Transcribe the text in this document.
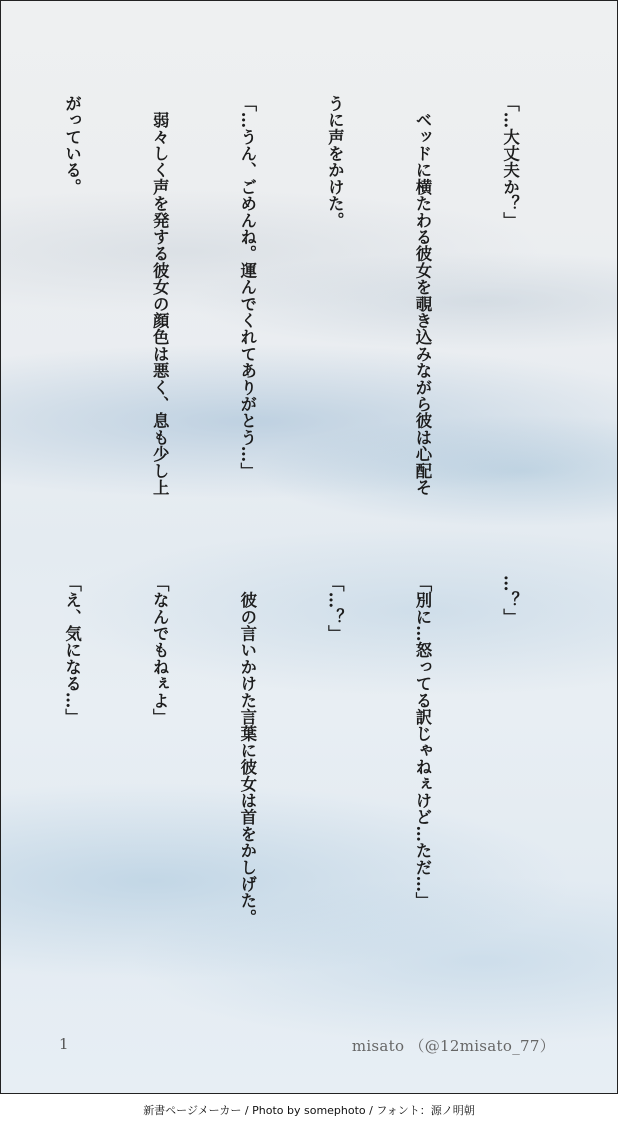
「…大丈夫か？」

　ベッドに横たわる彼女を覗き込みながら彼は心配そ

うに声をかけた。

「…うん、ごめんね。運んでくれてありがとう…」

　弱々しく声を発する彼女の顔色は悪く、息も少し上

がっている。

…？」

「別に…怒ってる訳じゃねぇけど…ただ…」

「…？」

　彼の言いかけた言葉に彼女は首をかしげた。

「なんでもねぇよ」

「え、気になる…」

1	misato （@12misato_77）
新書ページメーカー / Photo by somephoto / フォント：源ノ明朝
